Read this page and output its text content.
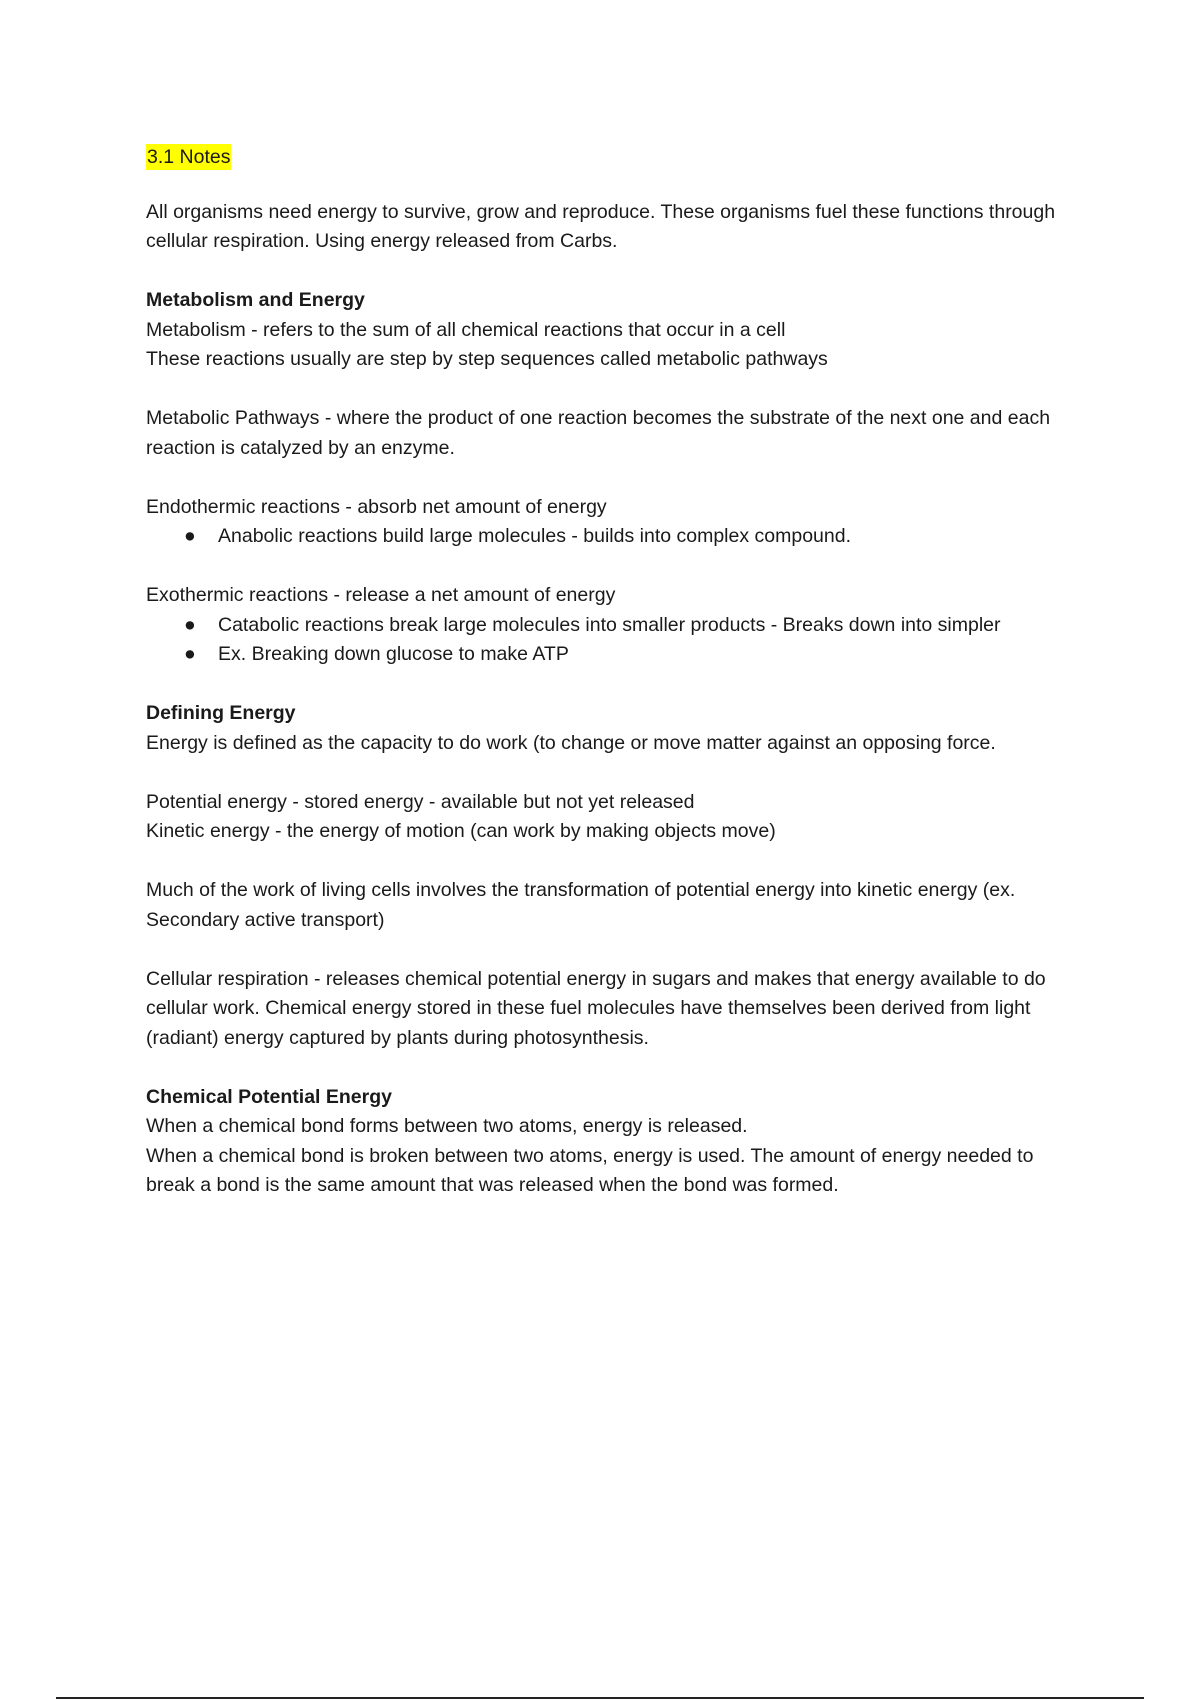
3.1 Notes

All organisms need energy to survive, grow and reproduce. These organisms fuel these functions through cellular respiration. Using energy released from Carbs.

Metabolism and Energy

Metabolism - refers to the sum of all chemical reactions that occur in a cell

These reactions usually are step by step sequences called metabolic pathways

Metabolic Pathways - where the product of one reaction becomes the substrate of the next one and each reaction is catalyzed by an enzyme.

Endothermic reactions - absorb net amount of energy

● Anabolic reactions build large molecules - builds into complex compound.

Exothermic reactions - release a net amount of energy

● Catabolic reactions break large molecules into smaller products - Breaks down into simpler
● Ex. Breaking down glucose to make ATP

Defining Energy

Energy is defined as the capacity to do work (to change or move matter against an opposing force.

Potential energy - stored energy - available but not yet released

Kinetic energy - the energy of motion (can work by making objects move)

Much of the work of living cells involves the transformation of potential energy into kinetic energy (ex. Secondary active transport)

Cellular respiration - releases chemical potential energy in sugars and makes that energy available to do cellular work. Chemical energy stored in these fuel molecules have themselves been derived from light (radiant) energy captured by plants during photosynthesis.

Chemical Potential Energy

When a chemical bond forms between two atoms, energy is released.

When a chemical bond is broken between two atoms, energy is used. The amount of energy needed to break a bond is the same amount that was released when the bond was formed.
